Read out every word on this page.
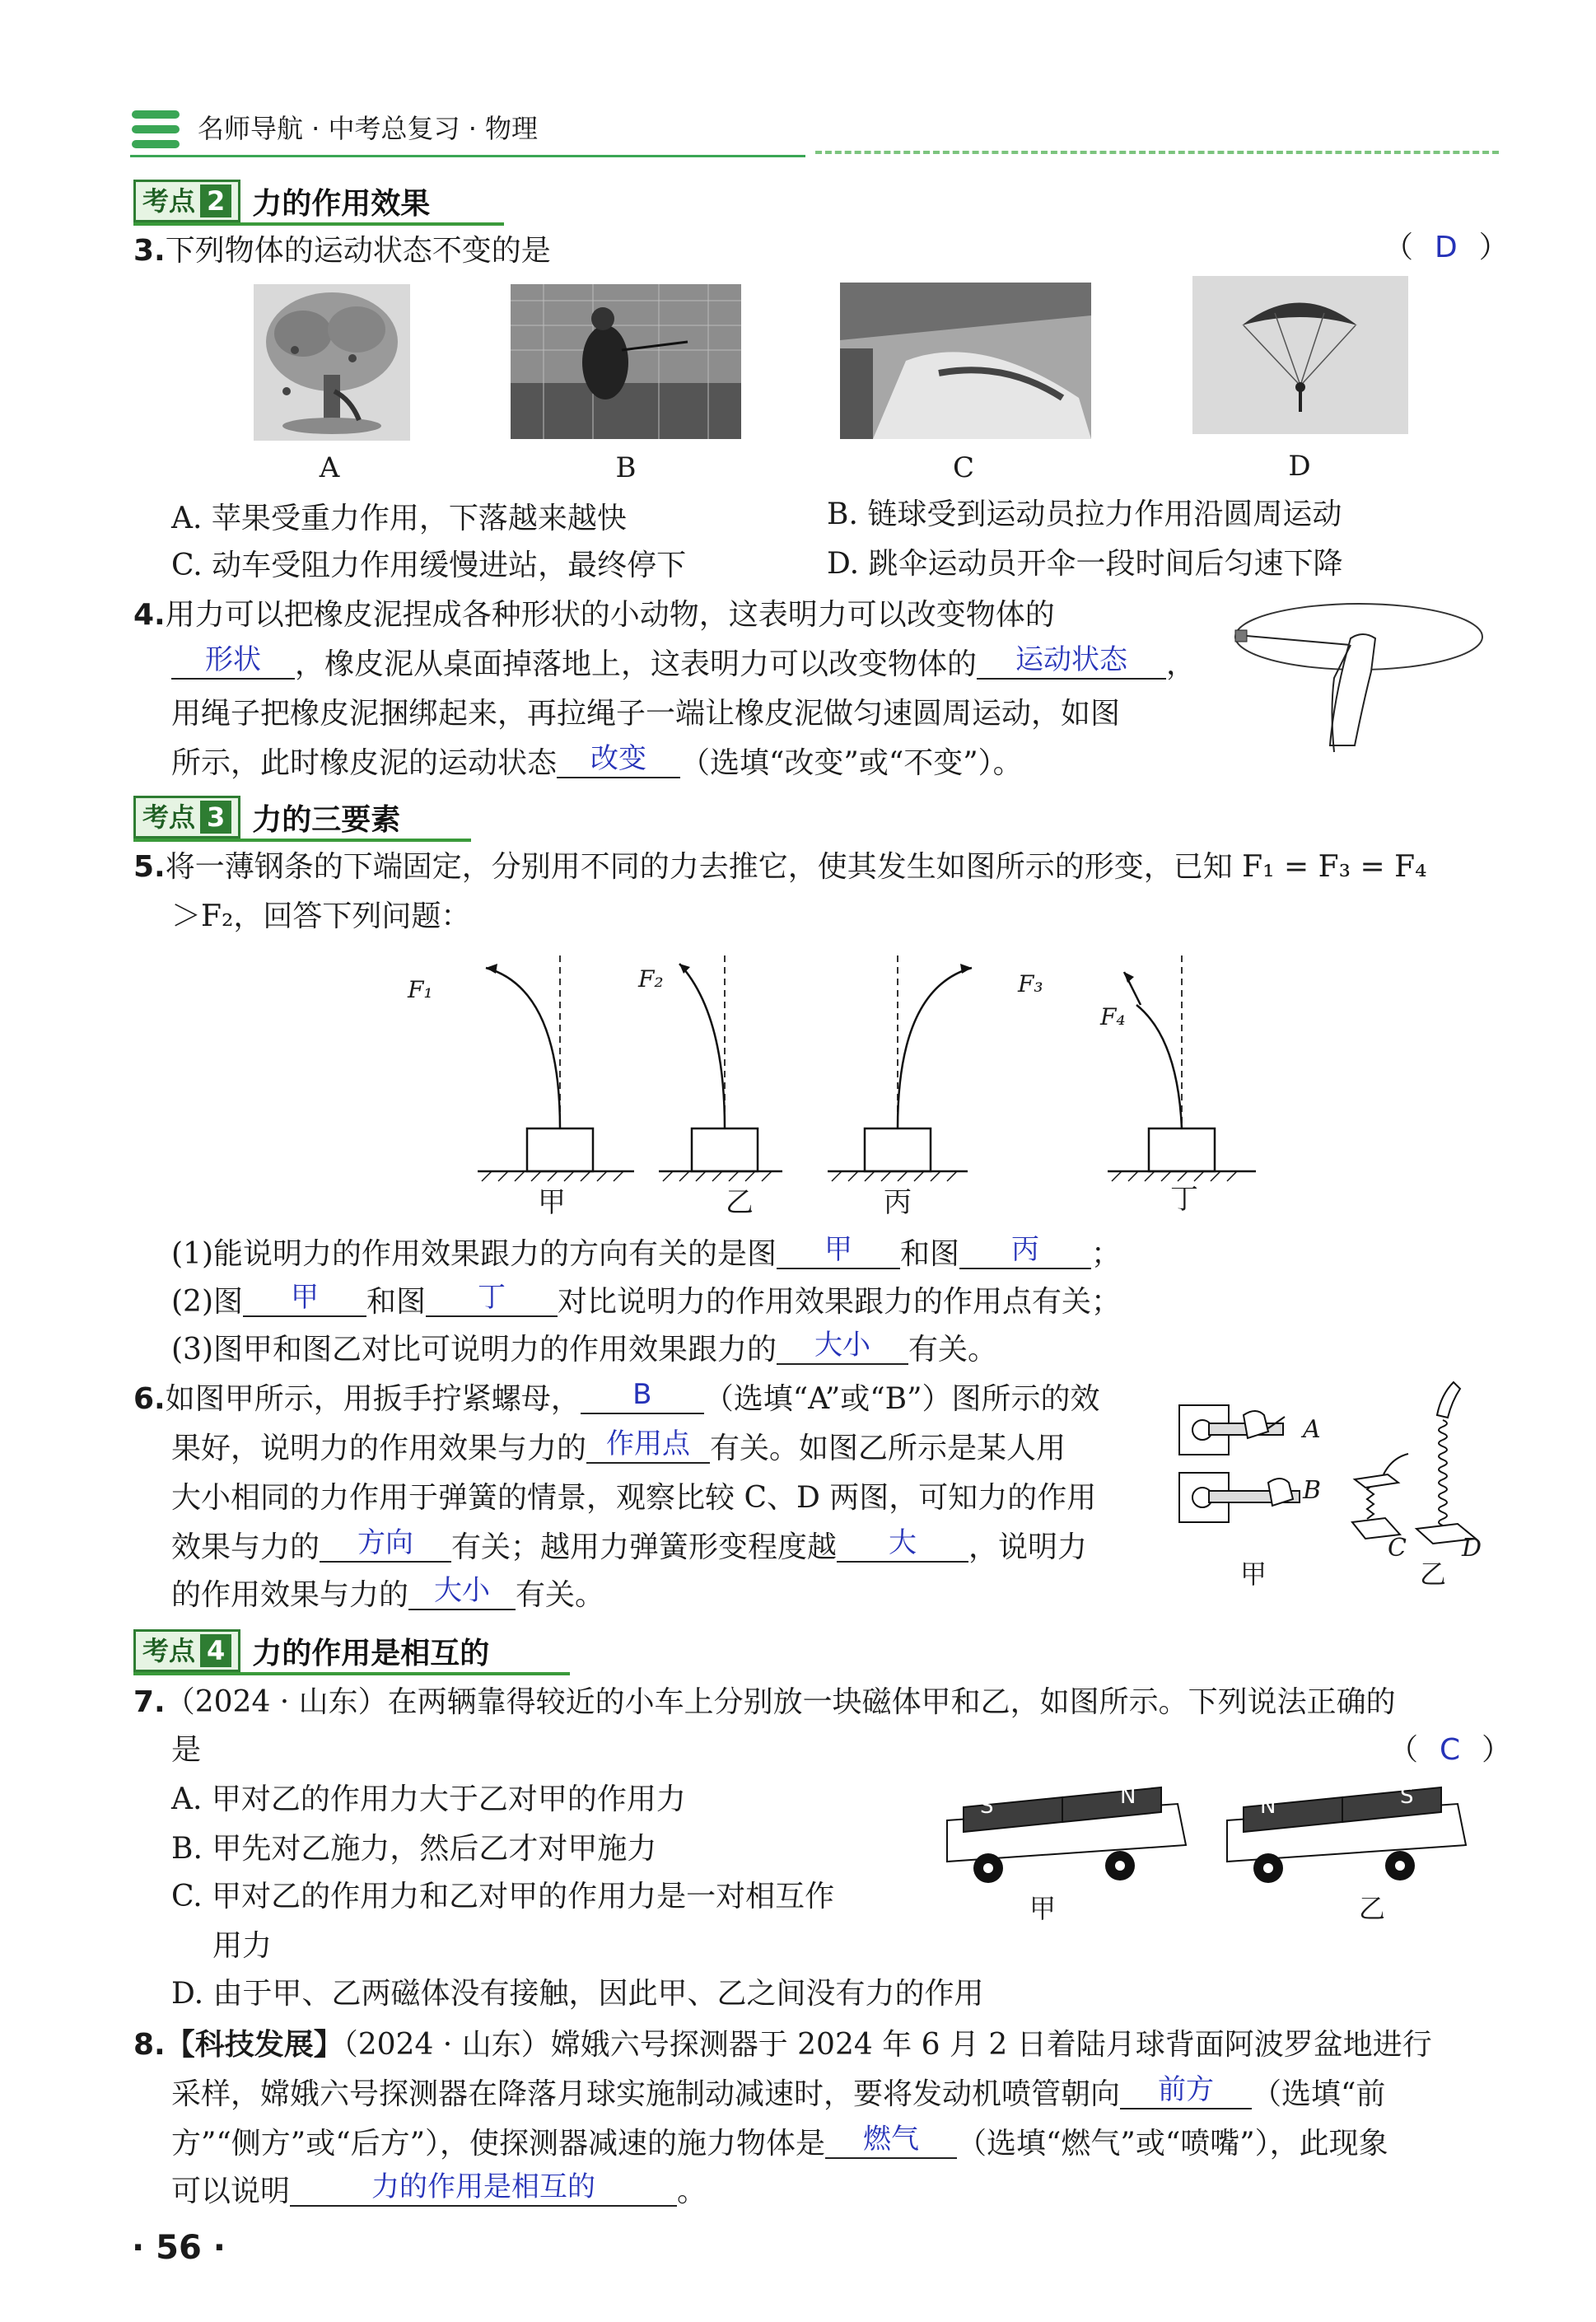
名师导航 · 中考总复习 · 物理
考点 2 力的作用效果
3.下列物体的运动状态不变的是	（ D ）
A	B	C	D
A. 苹果受重力作用，下落越来越快	B. 链球受到运动员拉力作用沿圆周运动
C. 动车受阻力作用缓慢进站，最终停下	D. 跳伞运动员开伞一段时间后匀速下降
4.用力可以把橡皮泥捏成各种形状的小动物，这表明力可以改变物体的
形状 ，橡皮泥从桌面掉落地上，这表明力可以改变物体的 运动状态 ，
用绳子把橡皮泥捆绑起来，再拉绳子一端让橡皮泥做匀速圆周运动，如图
所示，此时橡皮泥的运动状态 改变 （选填“改变”或“不变”）。
考点 3 力的三要素
5.将一薄钢条的下端固定，分别用不同的力去推它，使其发生如图所示的形变，已知 F₁ = F₃ = F₄
＞F₂，回答下列问题：
F₁	F₂	F₃
F₄
甲	乙	丙	丁
(1)能说明力的作用效果跟力的方向有关的是图 甲 和图 丙 ；
(2)图 甲 和图 丁 对比说明力的作用效果跟力的作用点有关；
(3)图甲和图乙对比可说明力的作用效果跟力的 大小 有关。
6.如图甲所示，用扳手拧紧螺母， B （选填“A”或“B”）图所示的效
果好，说明力的作用效果与力的 作用点 有关。如图乙所示是某人用
大小相同的力作用于弹簧的情景，观察比较 C、D 两图，可知力的作用
效果与力的 方向 有关；越用力弹簧形变程度越 大 ，说明力
的作用效果与力的 大小 有关。
A
B
C D
甲	乙
考点 4 力的作用是相互的
7.（2024 · 山东）在两辆靠得较近的小车上分别放一块磁体甲和乙，如图所示。下列说法正确的
是	（ C ）
A. 甲对乙的作用力大于乙对甲的作用力
B. 甲先对乙施力，然后乙才对甲施力
C. 甲对乙的作用力和乙对甲的作用力是一对相互作
用力
D. 由于甲、乙两磁体没有接触，因此甲、乙之间没有力的作用
S	N	N	S
甲	乙
8.【科技发展】（2024 · 山东）嫦娥六号探测器于 2024 年 6 月 2 日着陆月球背面阿波罗盆地进行
采样，嫦娥六号探测器在降落月球实施制动减速时，要将发动机喷管朝向 前方 （选填“前
方”“侧方”或“后方”），使探测器减速的施力物体是 燃气 （选填“燃气”或“喷嘴”），此现象
可以说明	力的作用是相互的	。
· 56 ·
